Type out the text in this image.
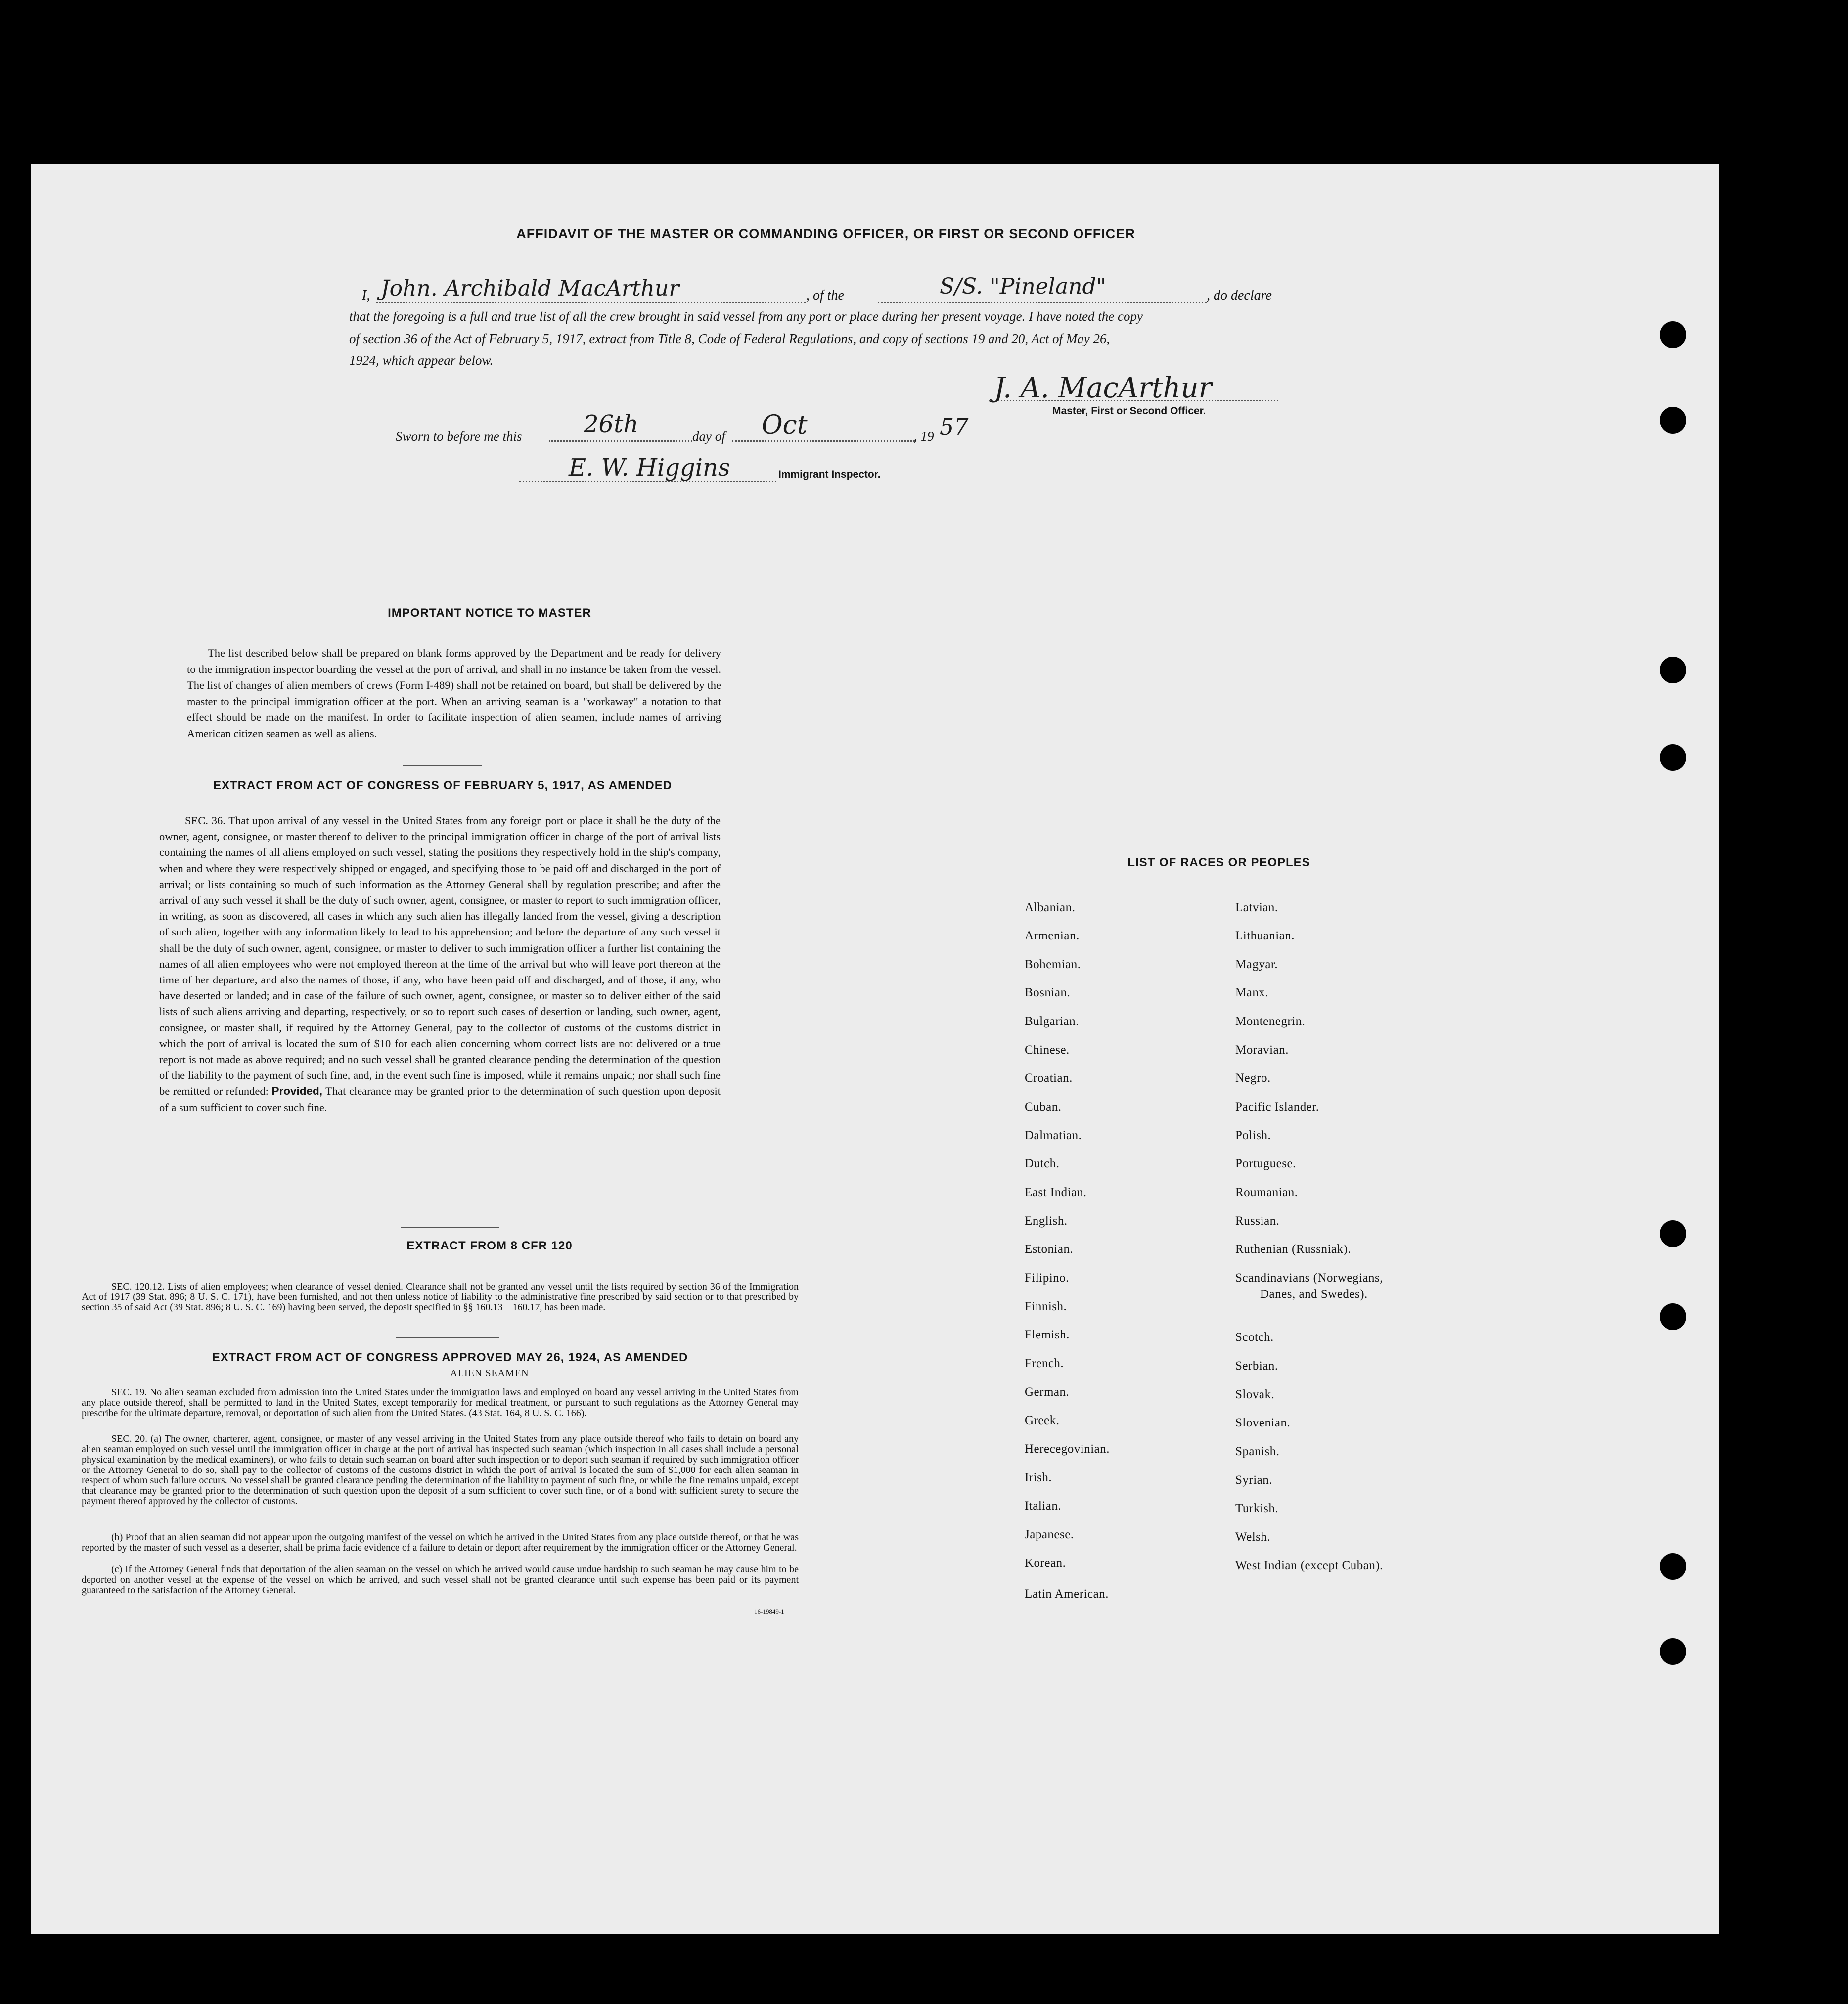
AFFIDAVIT OF THE MASTER OR COMMANDING OFFICER, OR FIRST OR SECOND OFFICER
I, John. Archibald MacArthur	, of the	S/S. "Pineland"	, do declare
that the foregoing is a full and true list of all the crew brought in said vessel from any port or place during her present voyage. I have noted the copy
of section 36 of the Act of February 5, 1917, extract from Title 8, Code of Federal Regulations, and copy of sections 19 and 20, Act of May 26,
1924, which appear below.
J. A. MacArthur
Master, First or Second Officer.
Sworn to before me this	26th	day of Oct	, 19 57
E. W. Higgins	Immigrant Inspector.
IMPORTANT NOTICE TO MASTER
The list described below shall be prepared on blank forms approved by the Department and be ready for delivery to the immigration inspector boarding the vessel at the port of arrival, and shall in no instance be taken from the vessel. The list of changes of alien members of crews (Form I-489) shall not be retained on board, but shall be delivered by the master to the principal immigration officer at the port. When an arriving seaman is a "workaway" a notation to that effect should be made on the manifest. In order to facilitate inspection of alien seamen, include names of arriving American citizen seamen as well as aliens.
EXTRACT FROM ACT OF CONGRESS OF FEBRUARY 5, 1917, AS AMENDED
SEC. 36. That upon arrival of any vessel in the United States from any foreign port or place it shall be the duty of the owner, agent, consignee, or master thereof to deliver to the principal immigration officer in charge of the port of arrival lists containing the names of all aliens employed on such vessel, stating the positions they respectively hold in the ship's company, when and where they were respectively shipped or engaged, and specifying those to be paid off and discharged in the port of arrival; or lists containing so much of such information as the Attorney General shall by regulation prescribe; and after the arrival of any such vessel it shall be the duty of such owner, agent, consignee, or master to report to such immigration officer, in writing, as soon as discovered, all cases in which any such alien has illegally landed from the vessel, giving a description of such alien, together with any information likely to lead to his apprehension; and before the departure of any such vessel it shall be the duty of such owner, agent, consignee, or master to deliver to such immigration officer a further list containing the names of all alien employees who were not employed thereon at the time of the arrival but who will leave port thereon at the time of her departure, and also the names of those, if any, who have been paid off and discharged, and of those, if any, who have deserted or landed; and in case of the failure of such owner, agent, consignee, or master so to deliver either of the said lists of such aliens arriving and departing, respectively, or so to report such cases of desertion or landing, such owner, agent, consignee, or master shall, if required by the Attorney General, pay to the collector of customs of the customs district in which the port of arrival is located the sum of $10 for each alien concerning whom correct lists are not delivered or a true report is not made as above required; and no such vessel shall be granted clearance pending the determination of the question of the liability to the payment of such fine, and, in the event such fine is imposed, while it remains unpaid; nor shall such fine be remitted or refunded: Provided, That clearance may be granted prior to the determination of such question upon deposit of a sum sufficient to cover such fine.
EXTRACT FROM 8 CFR 120
SEC. 120.12. Lists of alien employees; when clearance of vessel denied. Clearance shall not be granted any vessel until the lists required by section 36 of the Immigration Act of 1917 (39 Stat. 896; 8 U. S. C. 171), have been furnished, and not then unless notice of liability to the administrative fine prescribed by said section or to that prescribed by section 35 of said Act (39 Stat. 896; 8 U. S. C. 169) having been served, the deposit specified in §§ 160.13—160.17, has been made.
EXTRACT FROM ACT OF CONGRESS APPROVED MAY 26, 1924, AS AMENDED
ALIEN SEAMEN
SEC. 19. No alien seaman excluded from admission into the United States under the immigration laws and employed on board any vessel arriving in the United States from any place outside thereof, shall be permitted to land in the United States, except temporarily for medical treatment, or pursuant to such regulations as the Attorney General may prescribe for the ultimate departure, removal, or deportation of such alien from the United States. (43 Stat. 164, 8 U. S. C. 166).
SEC. 20. (a) The owner, charterer, agent, consignee, or master of any vessel arriving in the United States from any place outside thereof who fails to detain on board any alien seaman employed on such vessel until the immigration officer in charge at the port of arrival has inspected such seaman (which inspection in all cases shall include a personal physical examination by the medical examiners), or who fails to detain such seaman on board after such inspection or to deport such seaman if required by such immigration officer or the Attorney General to do so, shall pay to the collector of customs of the customs district in which the port of arrival is located the sum of $1,000 for each alien seaman in respect of whom such failure occurs. No vessel shall be granted clearance pending the determination of the liability to payment of such fine, or while the fine remains unpaid, except that clearance may be granted prior to the determination of such question upon the deposit of a sum sufficient to cover such fine, or of a bond with sufficient surety to secure the payment thereof approved by the collector of customs.
(b) Proof that an alien seaman did not appear upon the outgoing manifest of the vessel on which he arrived in the United States from any place outside thereof, or that he was reported by the master of such vessel as a deserter, shall be prima facie evidence of a failure to detain or deport after requirement by the immigration officer or the Attorney General.
(c) If the Attorney General finds that deportation of the alien seaman on the vessel on which he arrived would cause undue hardship to such seaman he may cause him to be deported on another vessel at the expense of the vessel on which he arrived, and such vessel shall not be granted clearance until such expense has been paid or its payment guaranteed to the satisfaction of the Attorney General.
16-19849-1
LIST OF RACES OR PEOPLES
Albanian.
Armenian.
Bohemian.
Bosnian.
Bulgarian.
Chinese.
Croatian.
Cuban.
Dalmatian.
Dutch.
East Indian.
English.
Estonian.
Filipino.
Finnish.
Flemish.
French.
German.
Greek.
Herecegovinian.
Irish.
Italian.
Japanese.
Korean.
Latin American.
Latvian.
Lithuanian.
Magyar.
Manx.
Montenegrin.
Moravian.
Negro.
Pacific Islander.
Polish.
Portuguese.
Roumanian.
Russian.
Ruthenian (Russniak).
Scandinavians (Norwegians,
Danes, and Swedes).
Scotch.
Serbian.
Slovak.
Slovenian.
Spanish.
Syrian.
Turkish.
Welsh.
West Indian (except Cuban).
